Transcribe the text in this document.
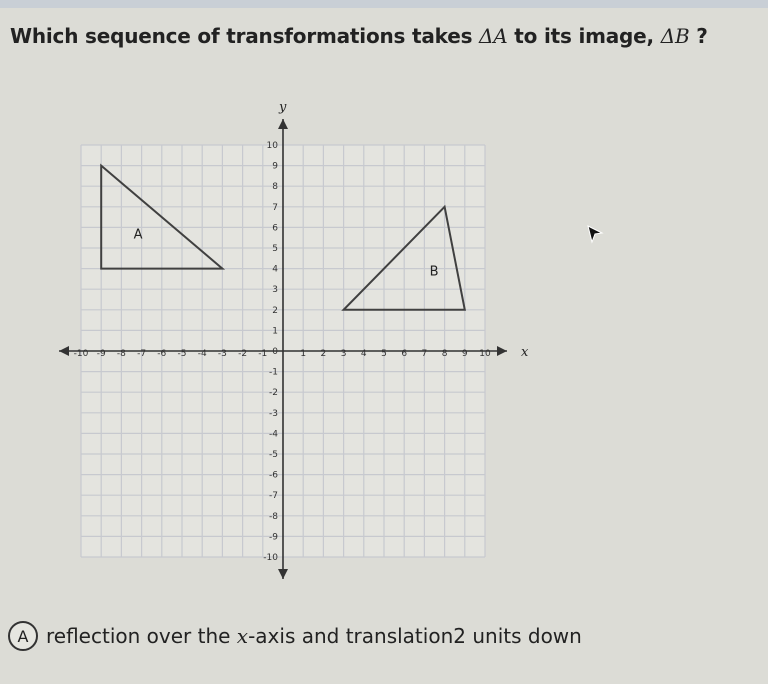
Which sequence of transformations takes ΔA to its image, ΔB ?
x
y
-10 -9 -8 -7 -6 -5 -4 -3 -2 -1	1 2 3 4 5 6 7 8 9 10
-10
-9
-8
-7
-6
-5
-4
-3
-2
-1
0
1
2
3
4
5
6
7
8
9
10
A
B
A reflection over the
x -axis and translation 2
units down
